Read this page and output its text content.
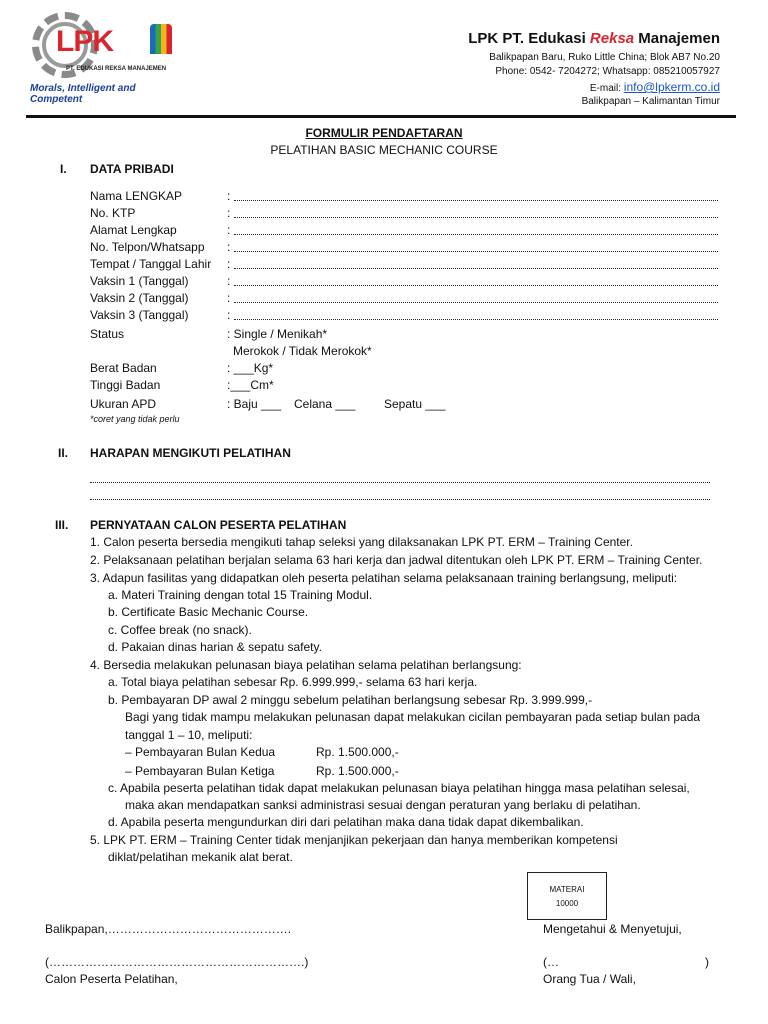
LPK
PT. EDUKASI REKSA MANAJEMEN
Morals, Intelligent and Competent
LPK PT. Edukasi Reksa Manajemen
Balikpapan Baru, Ruko Little China; Blok AB7 No.20
Phone: 0542- 7204272; Whatsapp: 085210057927
E-mail: info@lpkerm.co.id
Balikpapan – Kalimantan Timur
FORMULIR PENDAFTARAN
PELATIHAN BASIC MECHANIC COURSE
I. DATA PRIBADI
Nama LENGKAP	:
No. KTP	:
Alamat Lengkap	:
No. Telpon/Whatsapp :
Tempat / Tanggal Lahir :
Vaksin 1 (Tanggal)	:
Vaksin 2 (Tanggal)	:
Vaksin 3 (Tanggal)	:
Status	: Single / Menikah*
Merokok / Tidak Merokok*
Berat Badan	: ___Kg*
Tinggi Badan	:___Cm*
Ukuran APD	: Baju ___ Celana ___ Sepatu ___
*coret yang tidak perlu
II. HARAPAN MENGIKUTI PELATIHAN
III. PERNYATAAN CALON PESERTA PELATIHAN
1. Calon peserta bersedia mengikuti tahap seleksi yang dilaksanakan LPK PT. ERM – Training Center.
2. Pelaksanaan pelatihan berjalan selama 63 hari kerja dan jadwal ditentukan oleh LPK PT. ERM – Training Center.
3. Adapun fasilitas yang didapatkan oleh peserta pelatihan selama pelaksanaan training berlangsung, meliputi:
a. Materi Training dengan total 15 Training Modul.
b. Certificate Basic Mechanic Course.
c. Coffee break (no snack).
d. Pakaian dinas harian & sepatu safety.
4. Bersedia melakukan pelunasan biaya pelatihan selama pelatihan berlangsung:
a. Total biaya pelatihan sebesar Rp. 6.999.999,- selama 63 hari kerja.
b. Pembayaran DP awal 2 minggu sebelum pelatihan berlangsung sebesar Rp. 3.999.999,-
Bagi yang tidak mampu melakukan pelunasan dapat melakukan cicilan pembayaran pada setiap bulan pada
tanggal 1 – 10, meliputi:
– Pembayaran Bulan Kedua	Rp. 1.500.000,-
– Pembayaran Bulan Ketiga	Rp. 1.500.000,-
c. Apabila peserta pelatihan tidak dapat melakukan pelunasan biaya pelatihan hingga masa pelatihan selesai,
maka akan mendapatkan sanksi administrasi sesuai dengan peraturan yang berlaku di pelatihan.
d. Apabila peserta mengundurkan diri dari pelatihan maka dana tidak dapat dikembalikan.
5. LPK PT. ERM – Training Center tidak menjanjikan pekerjaan dan hanya memberikan kompetensi
diklat/pelatihan mekanik alat berat.
MATERAI
10000
Balikpapan,……………………………………….
(……………………………………………………….)
Calon Peserta Pelatihan,
Mengetahui & Menyetujui,
(…	)
Orang Tua / Wali,
